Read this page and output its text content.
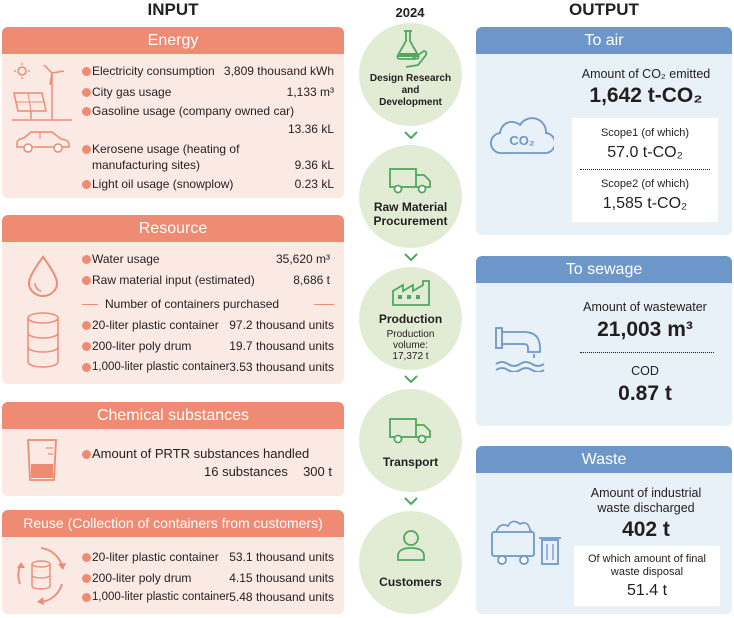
INPUT	2024	OUTPUT
Energy
Electricity consumption 3,809 thousand kWh
City gas usage	1,133 m³
Gasoline usage (company owned car)
13.36 kL
Kerosene usage (heating of
manufacturing sites)	9.36 kL
Light oil usage (snowplow)	0.23 kL
Resource
Water usage	35,620 m³
Raw material input (estimated)	8,686 t
Number of containers purchased
20-liter plastic container 97.2 thousand units
200-liter poly drum	19.7 thousand units
1,000-liter plastic container 3.53 thousand units
Chemical substances
Amount of PRTR substances handled
16 substances 300 t
Reuse (Collection of containers from customers)
20-liter plastic container 53.1 thousand units
200-liter poly drum	4.15 thousand units
1,000-liter plastic container 5.48 thousand units
Design Research
and
Development
Raw Material
Procurement
Production
Production
volume:
17,372 t
Transport
Customers
To air
CO₂
Amount of CO₂ emitted
1,642 t-CO₂
Scope1 (of which)
57.0 t-CO₂
Scope2 (of which)
1,585 t-CO₂
To sewage
Amount of wastewater
21,003 m³
COD
0.87 t
Waste
Amount of industrial
waste discharged
402 t
Of which amount of final
waste disposal
51.4 t
